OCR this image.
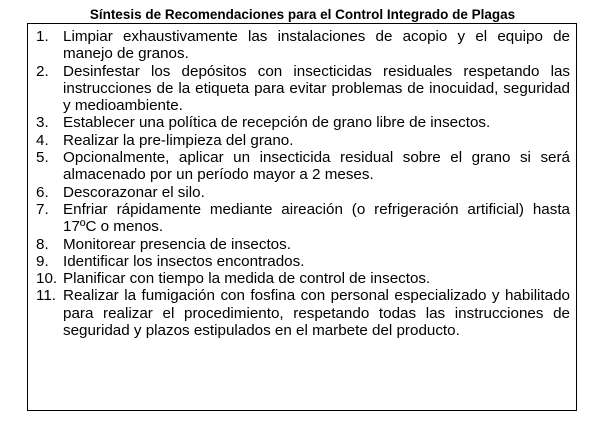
Síntesis de Recomendaciones para el Control Integrado de Plagas
1. Limpiar exhaustivamente las instalaciones de acopio y el equipo de manejo de granos.
2. Desinfestar los depósitos con insecticidas residuales respetando las instrucciones de la etiqueta para evitar problemas de inocuidad, seguridad y medioambiente.
3. Establecer una política de recepción de grano libre de insectos.
4. Realizar la pre-limpieza del grano.
5. Opcionalmente, aplicar un insecticida residual sobre el grano si será almacenado por un período mayor a 2 meses.
6. Descorazonar el silo.
7. Enfriar rápidamente mediante aireación (o refrigeración artificial) hasta 17ºC o menos.
8. Monitorear presencia de insectos.
9. Identificar los insectos encontrados.
10. Planificar con tiempo la medida de control de insectos.
11. Realizar la fumigación con fosfina con personal especializado y habilitado para realizar el procedimiento, respetando todas las instrucciones de seguridad y plazos estipulados en el marbete del producto.
